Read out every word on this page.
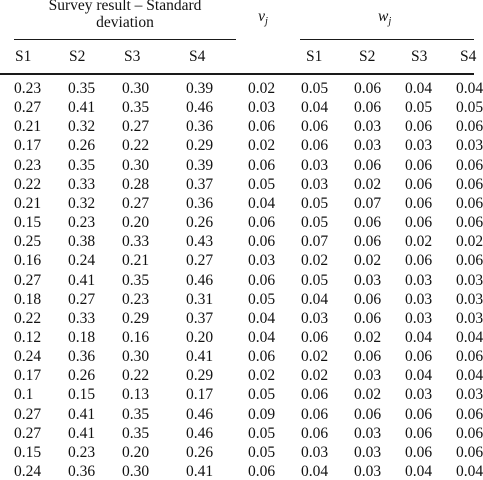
Survey result – Standard
deviation	$v_j$	$w_j$
S1 S2 S3	S4	S1 S2 S3 S4
0.23 0.35 0.30 0.39 0.02 0.05 0.06 0.04 0.04
0.27 0.41 0.35 0.46 0.03 0.04 0.06 0.05 0.05
0.21 0.32 0.27 0.36 0.06 0.06 0.03 0.06 0.06
0.17 0.26 0.22 0.29 0.02 0.06 0.03 0.03 0.03
0.23 0.35 0.30 0.39 0.06 0.03 0.06 0.06 0.06
0.22 0.33 0.28 0.37 0.05 0.03 0.02 0.06 0.06
0.21 0.32 0.27 0.36 0.04 0.05 0.07 0.06 0.06
0.15 0.23 0.20 0.26 0.06 0.05 0.06 0.06 0.06
0.25 0.38 0.33 0.43 0.06 0.07 0.06 0.02 0.02
0.16 0.24 0.21 0.27 0.03 0.02 0.02 0.06 0.06
0.27 0.41 0.35 0.46 0.06 0.05 0.03 0.03 0.03
0.18 0.27 0.23 0.31 0.05 0.04 0.06 0.03 0.03
0.22 0.33 0.29 0.37 0.04 0.03 0.06 0.03 0.03
0.12 0.18 0.16 0.20 0.04 0.06 0.02 0.04 0.04
0.24 0.36 0.30 0.41 0.06 0.02 0.06 0.06 0.06
0.17 0.26 0.22 0.29 0.02 0.02 0.03 0.04 0.04
0.1 0.15 0.13 0.17 0.05 0.06 0.02 0.03 0.03
0.27 0.41 0.35 0.46 0.09 0.06 0.06 0.06 0.06
0.27 0.41 0.35 0.46 0.05 0.06 0.03 0.06 0.06
0.15 0.23 0.20 0.26 0.05 0.03 0.03 0.06 0.06
0.24 0.36 0.30 0.41 0.06 0.04 0.03 0.04 0.04
